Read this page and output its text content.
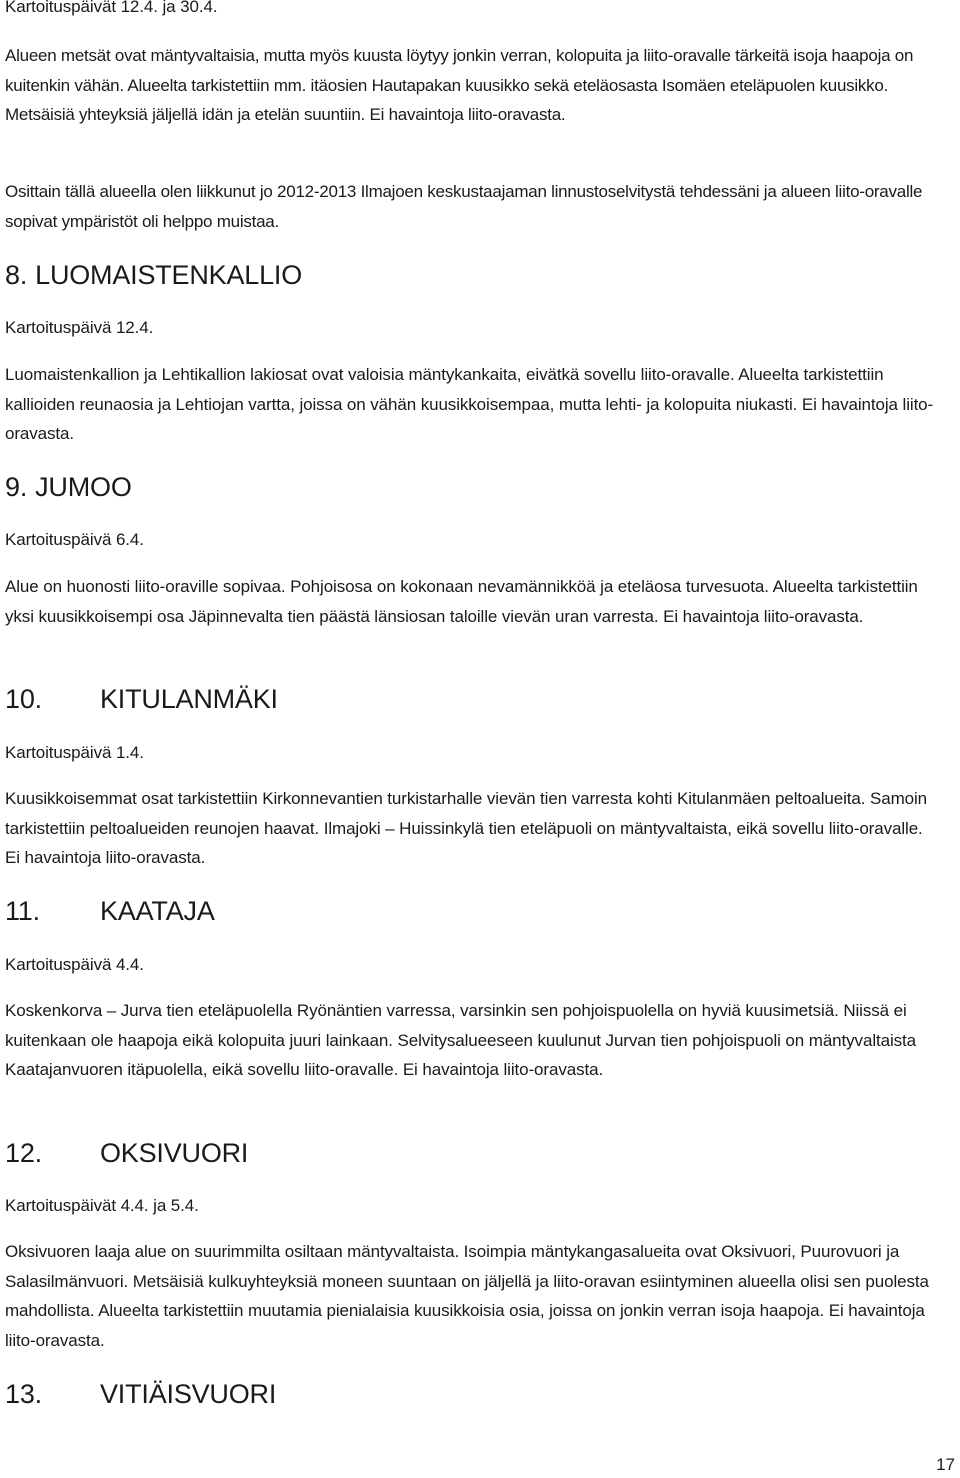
Kartoituspäivät 12.4. ja 30.4.

Alueen metsät ovat mäntyvaltaisia, mutta myös kuusta löytyy jonkin verran, kolopuita ja liito-oravalle tärkeitä isoja haapoja on kuitenkin vähän. Alueelta tarkistettiin mm. itäosien Hautapakan kuusikko sekä eteläosasta Isomäen eteläpuolen kuusikko. Metsäisiä yhteyksiä jäljellä idän ja etelän suuntiin. Ei havaintoja liito-oravasta.

Osittain tällä alueella olen liikkunut jo 2012-2013 Ilmajoen keskustaajaman linnustoselvitystä tehdessäni ja alueen liito-oravalle sopivat ympäristöt oli helppo muistaa.

8. LUOMAISTENKALLIO

Kartoituspäivä 12.4.

Luomaistenkallion ja Lehtikallion lakiosat ovat valoisia mäntykankaita, eivätkä sovellu liito-oravalle. Alueelta tarkistettiin kallioiden reunaosia ja Lehtiojan vartta, joissa on vähän kuusikkoisempaa, mutta lehti- ja kolopuita niukasti. Ei havaintoja liito-oravasta.

9. JUMOO

Kartoituspäivä 6.4.

Alue on huonosti liito-oraville sopivaa. Pohjoisosa on kokonaan nevamännikköä ja eteläosa turvesuota. Alueelta tarkistettiin yksi kuusikkoisempi osa Jäpinnevalta tien päästä länsiosan taloille vievän uran varresta. Ei havaintoja liito-oravasta.

10. KITULANMÄKI

Kartoituspäivä 1.4.

Kuusikkoisemmat osat tarkistettiin Kirkonnevantien turkistarhalle vievän tien varresta kohti Kitulanmäen peltoalueita. Samoin tarkistettiin peltoalueiden reunojen haavat. Ilmajoki – Huissinkylä tien eteläpuoli on mäntyvaltaista, eikä sovellu liito-oravalle. Ei havaintoja liito-oravasta.

11. KAATAJA

Kartoituspäivä 4.4.

Koskenkorva – Jurva tien eteläpuolella Ryönäntien varressa, varsinkin sen pohjoispuolella on hyviä kuusimetsiä. Niissä ei kuitenkaan ole haapoja eikä kolopuita juuri lainkaan. Selvitysalueeseen kuulunut Jurvan tien pohjoispuoli on mäntyvaltaista Kaatajanvuoren itäpuolella, eikä sovellu liito-oravalle. Ei havaintoja liito-oravasta.

12. OKSIVUORI

Kartoituspäivät 4.4. ja 5.4.

Oksivuoren laaja alue on suurimmilta osiltaan mäntyvaltaista. Isoimpia mäntykangasalueita ovat Oksivuori, Puurovuori ja Salasilmänvuori. Metsäisiä kulkuyhteyksiä moneen suuntaan on jäljellä ja liito-oravan esiintyminen alueella olisi sen puolesta mahdollista. Alueelta tarkistettiin muutamia pienialaisia kuusikkoisia osia, joissa on jonkin verran isoja haapoja. Ei havaintoja liito-oravasta.

13. VITIÄISVUORI

17
